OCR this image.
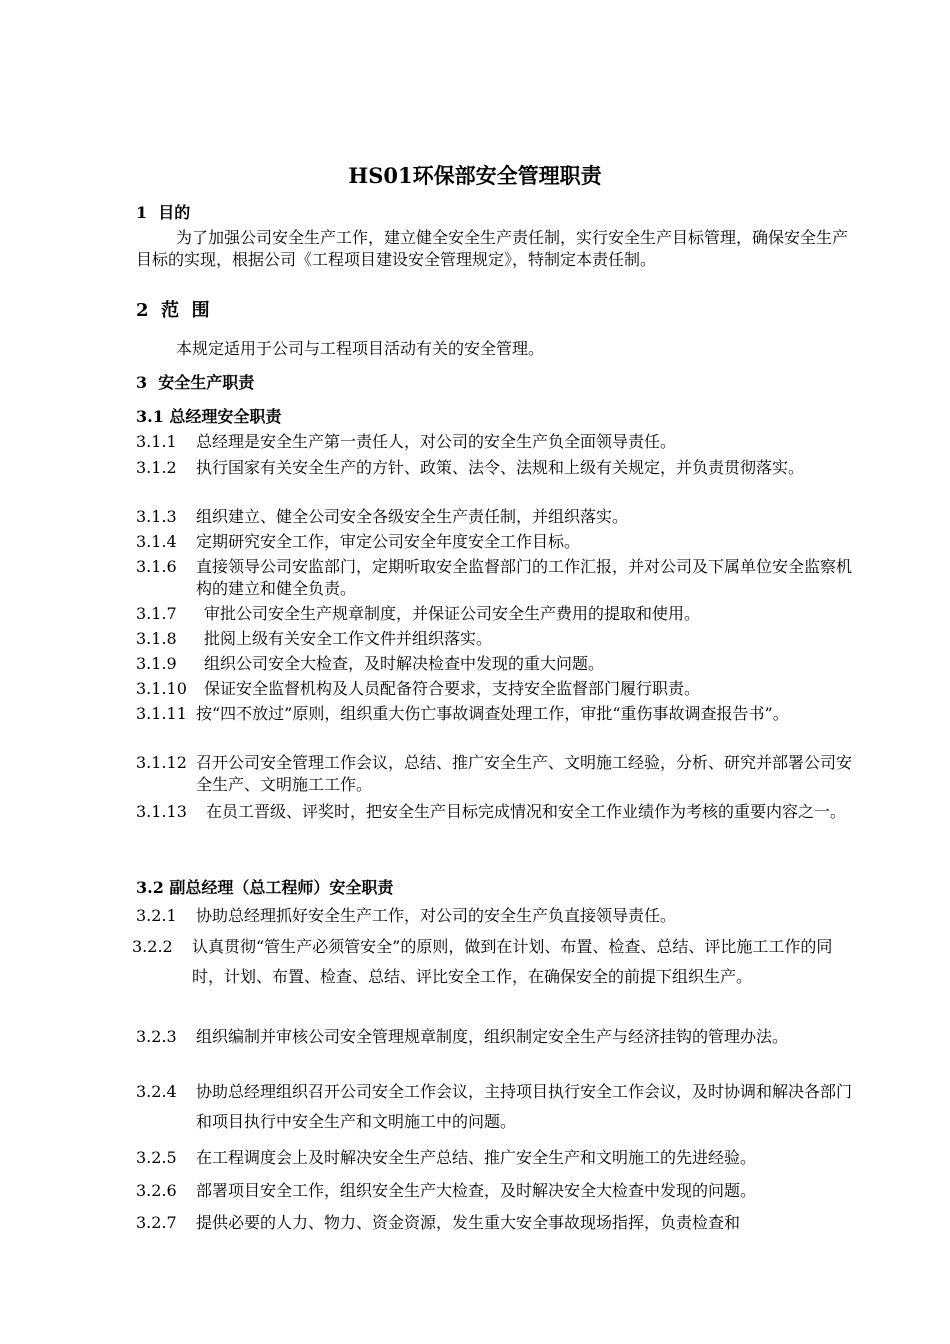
HS01环保部安全管理职责
1  目的
为了加强公司安全生产工作，建立健全安全生产责任制，实行安全生产目标管理，确保安全生产目标的实现，根据公司《工程项目建设安全管理规定》，特制定本责任制。
2  范  围
本规定适用于公司与工程项目活动有关的安全管理。
3  安全生产职责
3.1 总经理安全职责
3.1.1 总经理是安全生产第一责任人，对公司的安全生产负全面领导责任。
3.1.2 执行国家有关安全生产的方针、政策、法令、法规和上级有关规定，并负责贯彻落实。
3.1.3 组织建立、健全公司安全各级安全生产责任制，并组织落实。
3.1.4 定期研究安全工作，审定公司安全年度安全工作目标。
3.1.6 直接领导公司安监部门，定期听取安全监督部门的工作汇报，并对公司及下属单位安全监察机构的建立和健全负责。
3.1.7 审批公司安全生产规章制度，并保证公司安全生产费用的提取和使用。
3.1.8 批阅上级有关安全工作文件并组织落实。
3.1.9 组织公司安全大检查，及时解决检查中发现的重大问题。
3.1.10 保证安全监督机构及人员配备符合要求，支持安全监督部门履行职责。
3.1.11 按“四不放过”原则，组织重大伤亡事故调查处理工作，审批“重伤事故调查报告书”。
3.1.12 召开公司安全管理工作会议，总结、推广安全生产、文明施工经验，分析、研究并部署公司安全生产、文明施工工作。
3.1.13 在员工晋级、评奖时，把安全生产目标完成情况和安全工作业绩作为考核的重要内容之一。
3.2 副总经理（总工程师）安全职责
3.2.1 协助总经理抓好安全生产工作，对公司的安全生产负直接领导责任。
3.2.2 认真贯彻“管生产必须管安全”的原则，做到在计划、布置、检查、总结、评比施工工作的同时，计划、布置、检查、总结、评比安全工作，在确保安全的前提下组织生产。
3.2.3 组织编制并审核公司安全管理规章制度，组织制定安全生产与经济挂钩的管理办法。
3.2.4 协助总经理组织召开公司安全工作会议，主持项目执行安全工作会议，及时协调和解决各部门和项目执行中安全生产和文明施工中的问题。
3.2.5 在工程调度会上及时解决安全生产总结、推广安全生产和文明施工的先进经验。
3.2.6 部署项目安全工作，组织安全生产大检查，及时解决安全大检查中发现的问题。
3.2.7 提供必要的人力、物力、资金资源，发生重大安全事故现场指挥，负责检查和
